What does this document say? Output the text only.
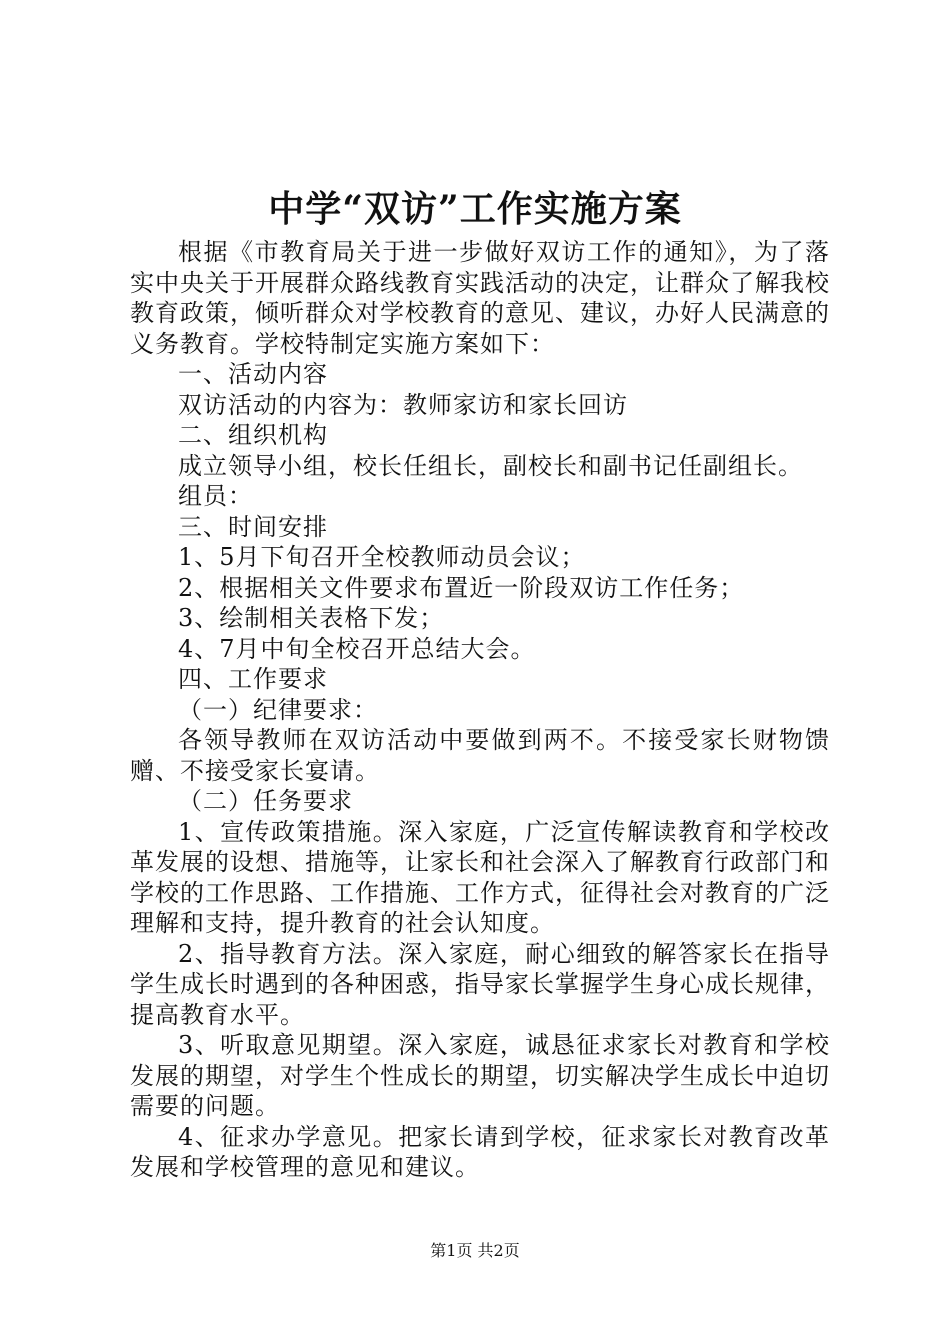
中学“双访”工作实施方案

根据《市教育局关于进一步做好双访工作的通知》，为了落实中央关于开展群众路线教育实践活动的决定，让群众了解我校教育政策，倾听群众对学校教育的意见、建议，办好人民满意的义务教育。学校特制定实施方案如下：

一、活动内容

双访活动的内容为：教师家访和家长回访

二、组织机构

成立领导小组，校长任组长，副校长和副书记任副组长。

组员：

三、时间安排

1、5月下旬召开全校教师动员会议；

2、根据相关文件要求布置近一阶段双访工作任务；

3、绘制相关表格下发；

4、7月中旬全校召开总结大会。

四、工作要求

（一）纪律要求：

各领导教师在双访活动中要做到两不。不接受家长财物馈赠、不接受家长宴请。

（二）任务要求

1、宣传政策措施。深入家庭，广泛宣传解读教育和学校改革发展的设想、措施等，让家长和社会深入了解教育行政部门和学校的工作思路、工作措施、工作方式，征得社会对教育的广泛理解和支持，提升教育的社会认知度。

2、指导教育方法。深入家庭，耐心细致的解答家长在指导学生成长时遇到的各种困惑，指导家长掌握学生身心成长规律，提高教育水平。

3、听取意见期望。深入家庭，诚恳征求家长对教育和学校发展的期望，对学生个性成长的期望，切实解决学生成长中迫切需要的问题。

4、征求办学意见。把家长请到学校，征求家长对教育改革发展和学校管理的意见和建议。

第1页 共2页
